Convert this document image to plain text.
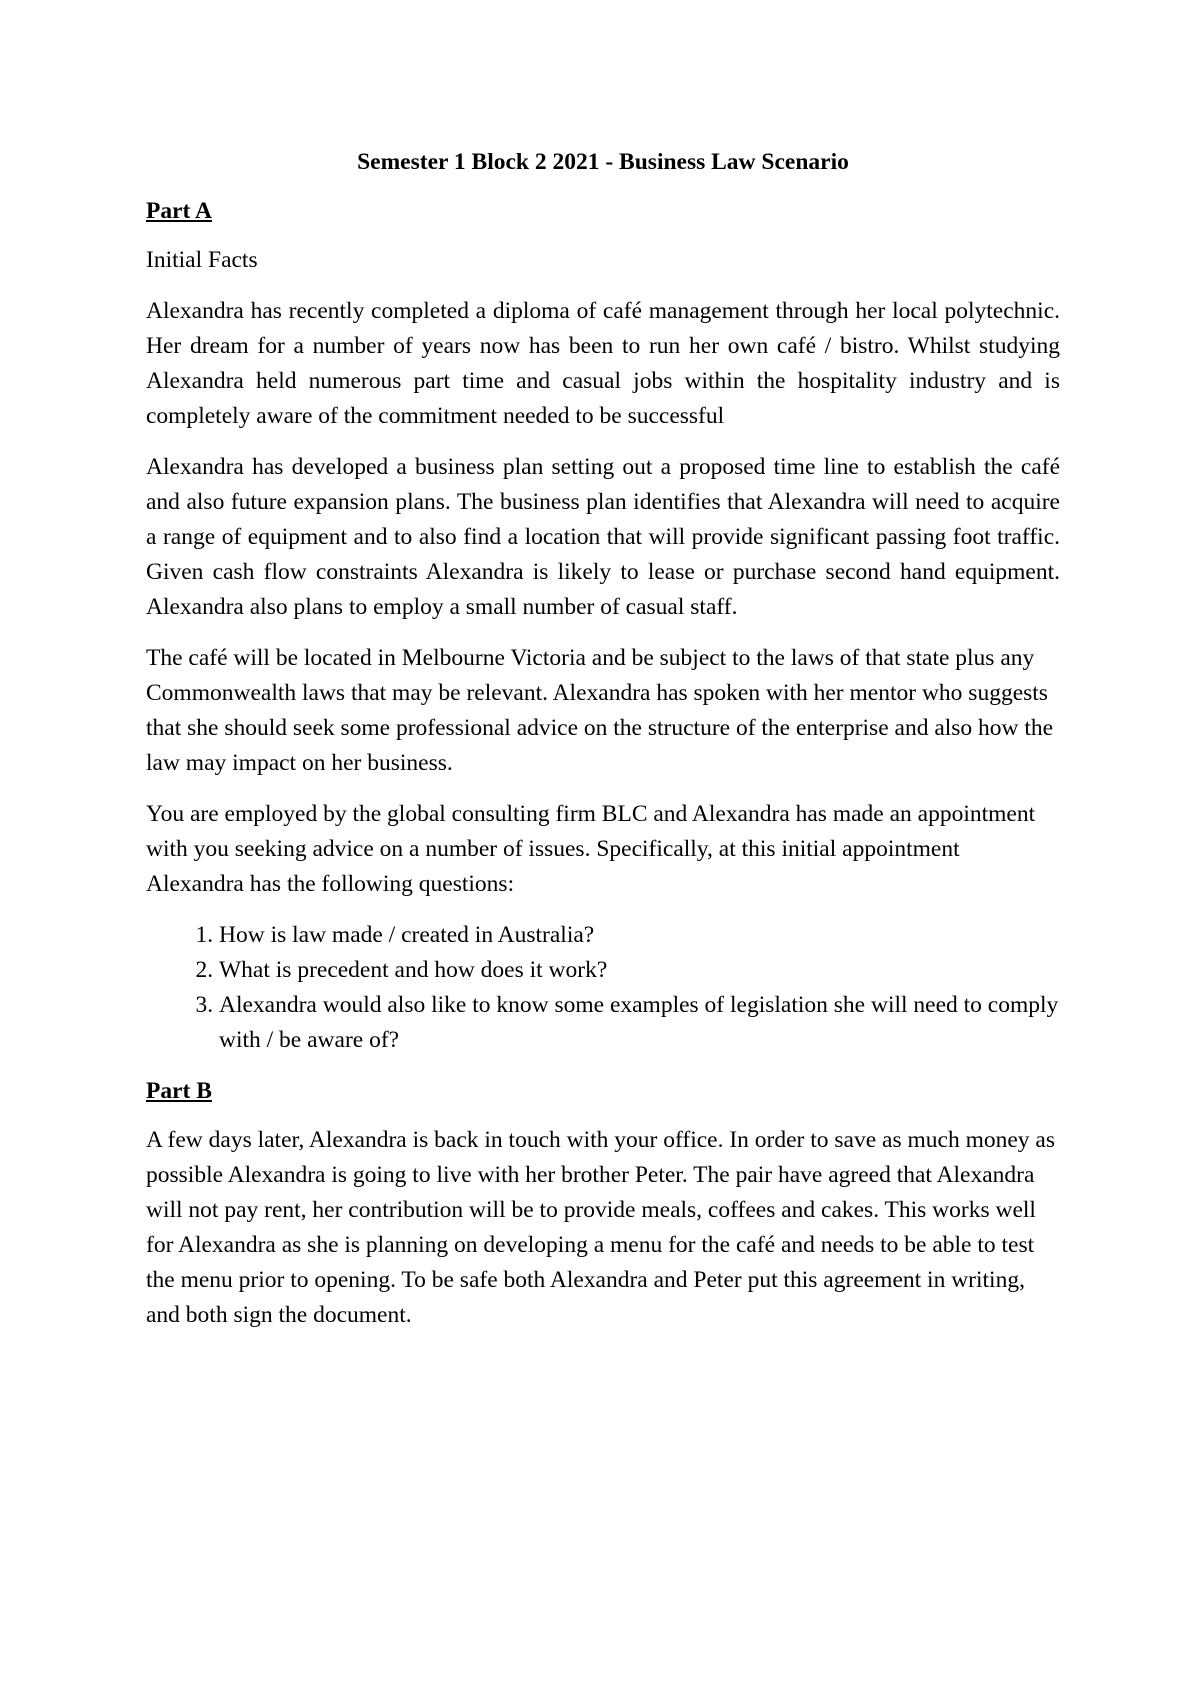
Semester 1 Block 2 2021 - Business Law Scenario
Part A
Initial Facts

Alexandra has recently completed a diploma of café management through her local polytechnic. Her dream for a number of years now has been to run her own café / bistro. Whilst studying Alexandra held numerous part time and casual jobs within the hospitality industry and is completely aware of the commitment needed to be successful

Alexandra has developed a business plan setting out a proposed time line to establish the café and also future expansion plans. The business plan identifies that Alexandra will need to acquire a range of equipment and to also find a location that will provide significant passing foot traffic. Given cash flow constraints Alexandra is likely to lease or purchase second hand equipment. Alexandra also plans to employ a small number of casual staff.

The café will be located in Melbourne Victoria and be subject to the laws of that state plus any Commonwealth laws that may be relevant. Alexandra has spoken with her mentor who suggests that she should seek some professional advice on the structure of the enterprise and also how the law may impact on her business.

You are employed by the global consulting firm BLC and Alexandra has made an appointment with you seeking advice on a number of issues. Specifically, at this initial appointment Alexandra has the following questions:

1. How is law made / created in Australia?
2. What is precedent and how does it work?
3. Alexandra would also like to know some examples of legislation she will need to comply with / be aware of?
Part B

A few days later, Alexandra is back in touch with your office. In order to save as much money as possible Alexandra is going to live with her brother Peter. The pair have agreed that Alexandra will not pay rent, her contribution will be to provide meals, coffees and cakes. This works well for Alexandra as she is planning on developing a menu for the café and needs to be able to test the menu prior to opening. To be safe both Alexandra and Peter put this agreement in writing, and both sign the document.
